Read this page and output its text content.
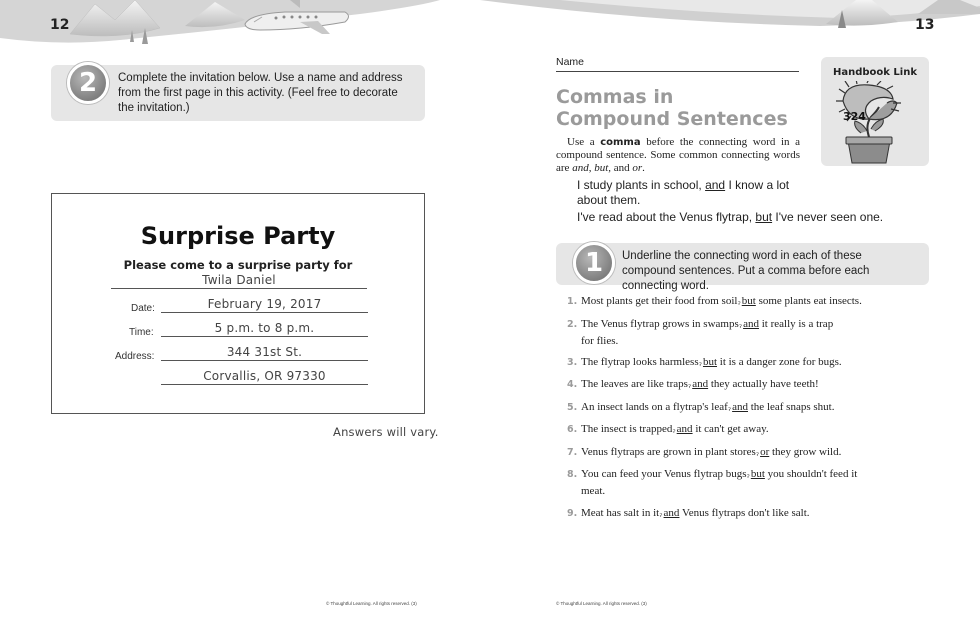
12	13
2	Complete the invitation below. Use a name and address from the first page in this activity. (Feel free to decorate the invitation.)
Surprise Party
Please come to a surprise party for
Twila Daniel
Date:	February 19, 2017
Time:	5 p.m. to 8 p.m.
Address:	344 31st St.
Corvallis, OR 97330
Answers will vary.
© Thoughtful Learning. All rights reserved. (3)
Name
Commas in
Compound Sentences
 Use a comma before the connecting word in a compound sentence. Some common connecting words are and, but, and or.
I study plants in school, and I know a lot
about them.
I've read about the Venus flytrap, but I've never seen one.
Handbook Link
324
1	Underline the connecting word in each of these compound sentences. Put a comma before each connecting word.
1. Most plants get their food from soil$_ˀ$but some plants eat insects.
2. The Venus flytrap grows in swamps$_ˀ$and it really is a trap for flies.
3. The flytrap looks harmless$_ˀ$but it is a danger zone for bugs.
4. The leaves are like traps$_ˀ$and they actually have teeth!
5. An insect lands on a flytrap's leaf$_ˀ$and the leaf snaps shut.
6. The insect is trapped$_ˀ$and it can't get away.
7. Venus flytraps are grown in plant stores$_ˀ$or they grow wild.
8. You can feed your Venus flytrap bugs$_ˀ$but you shouldn't feed it meat.
9. Meat has salt in $it_ˀand$ Venus flytraps don't like salt.
© Thoughtful Learning. All rights reserved. (3)
